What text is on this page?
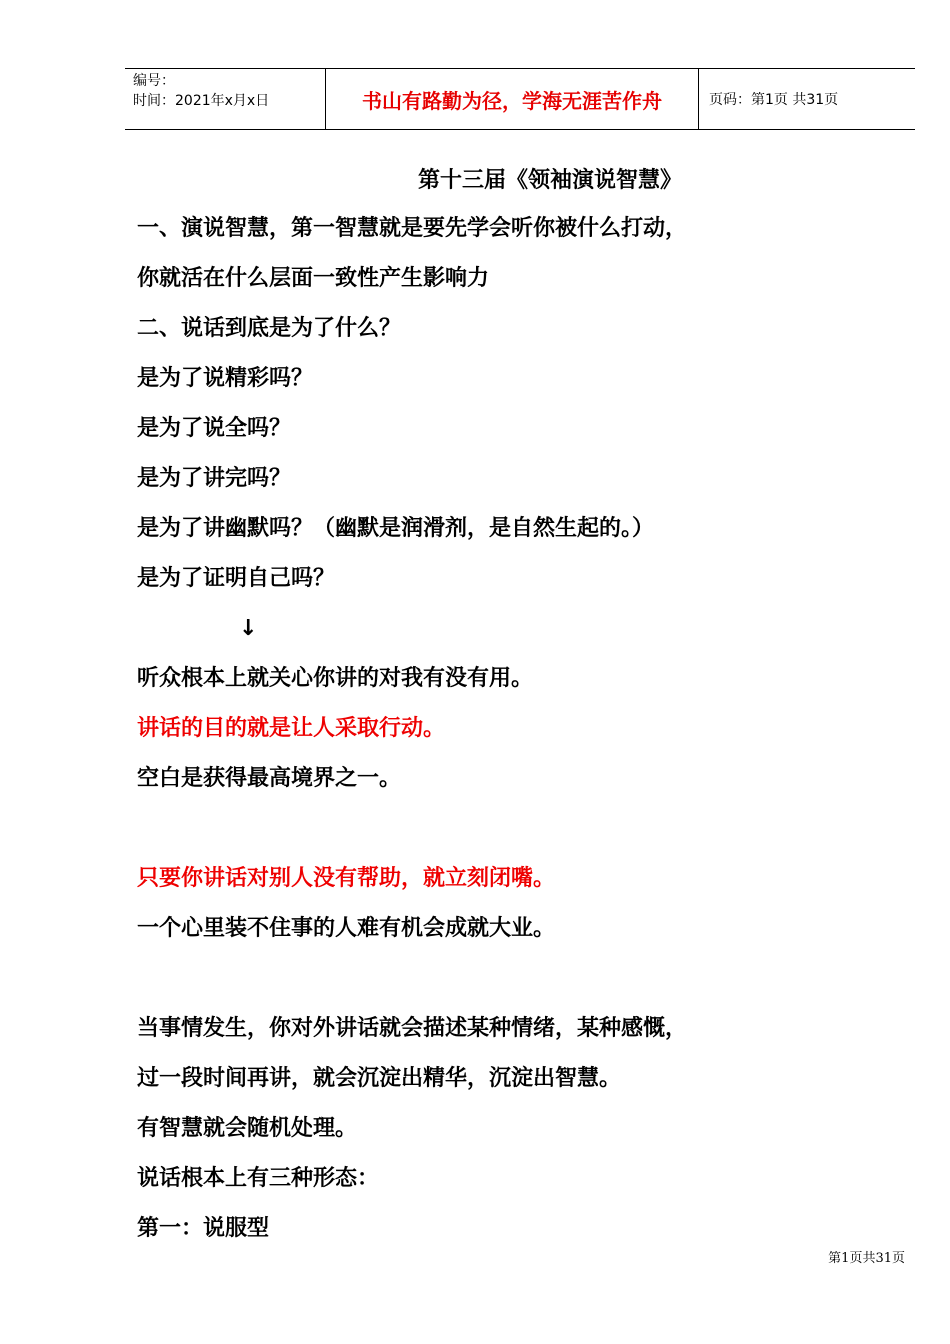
编号：
时间：2021年x月x日	书山有路勤为径，学海无涯苦作舟	页码：第1页 共31页
第十三届《领袖演说智慧》
一、演说智慧，第一智慧就是要先学会听你被什么打动，
你就活在什么层面一致性产生影响力
二、说话到底是为了什么？
是为了说精彩吗？
是为了说全吗？
是为了讲完吗？
是为了讲幽默吗？（幽默是润滑剂，是自然生起的。）
是为了证明自己吗？
↓
听众根本上就关心你讲的对我有没有用。
讲话的目的就是让人采取行动。
空白是获得最高境界之一。
只要你讲话对别人没有帮助，就立刻闭嘴。
一个心里装不住事的人难有机会成就大业。
当事情发生，你对外讲话就会描述某种情绪，某种感慨，
过一段时间再讲，就会沉淀出精华，沉淀出智慧。
有智慧就会随机处理。
说话根本上有三种形态：
第一：说服型
第1页共31页
